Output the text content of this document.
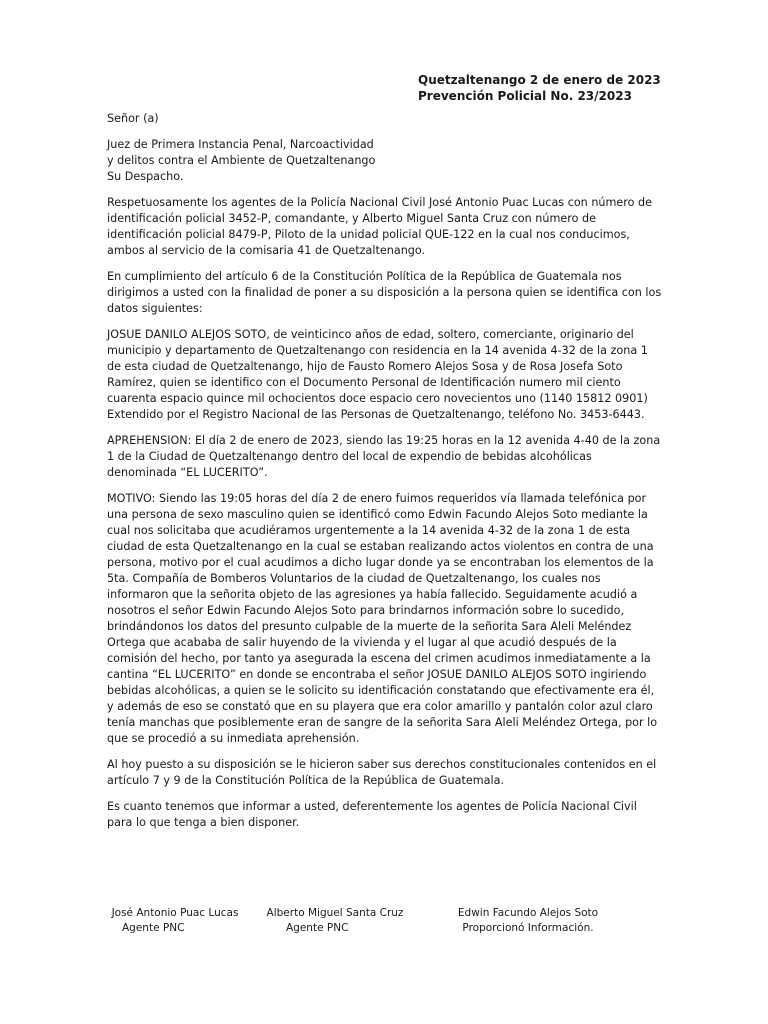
Quetzaltenango 2 de enero de 2023
Prevención Policial No. 23/2023

Señor (a)

Juez de Primera Instancia Penal, Narcoactividad
y delitos contra el Ambiente de Quetzaltenango
Su Despacho.

Respetuosamente los agentes de la Policía Nacional Civil José Antonio Puac Lucas con número de identificación policial 3452-P, comandante, y Alberto Miguel Santa Cruz con número de identificación policial 8479-P, Piloto de la unidad policial QUE-122 en la cual nos conducimos, ambos al servicio de la comisaria 41 de Quetzaltenango.

En cumplimiento del artículo 6 de la Constitución Política de la República de Guatemala nos dirigimos a usted con la finalidad de poner a su disposición a la persona quien se identifica con los datos siguientes:

JOSUE DANILO ALEJOS SOTO, de veinticinco años de edad, soltero, comerciante, originario del municipio y departamento de Quetzaltenango con residencia en la 14 avenida 4-32 de la zona 1 de esta ciudad de Quetzaltenango, hijo de Fausto Romero Alejos Sosa y de Rosa Josefa Soto Ramírez, quien se identifico con el Documento Personal de Identificación numero mil ciento cuarenta espacio quince mil ochocientos doce espacio cero novecientos uno (1140 15812 0901) Extendido por el Registro Nacional de las Personas de Quetzaltenango, teléfono No. 3453-6443.

APREHENSION: El día 2 de enero de 2023, siendo las 19:25 horas en la 12 avenida 4-40 de la zona 1 de la Ciudad de Quetzaltenango dentro del local de expendio de bebidas alcohólicas denominada “EL LUCERITO”.

MOTIVO: Siendo las 19:05 horas del día 2 de enero fuimos requeridos vía llamada telefónica por una persona de sexo masculino quien se identificó como Edwin Facundo Alejos Soto mediante la cual nos solicitaba que acudiéramos urgentemente a la 14 avenida 4-32 de la zona 1 de esta ciudad de esta Quetzaltenango en la cual se estaban realizando actos violentos en contra de una persona, motivo por el cual acudimos a dicho lugar donde ya se encontraban los elementos de la 5ta. Compañía de Bomberos Voluntarios de la ciudad de Quetzaltenango, los cuales nos informaron que la señorita objeto de las agresiones ya había fallecido. Seguidamente acudió a nosotros el señor Edwin Facundo Alejos Soto para brindarnos información sobre lo sucedido, brindándonos los datos del presunto culpable de la muerte de la señorita Sara Aleli Meléndez Ortega que acababa de salir huyendo de la vivienda y el lugar al que acudió después de la comisión del hecho, por tanto ya asegurada la escena del crimen acudimos inmediatamente a la cantina “EL LUCERITO” en donde se encontraba el señor JOSUE DANILO ALEJOS SOTO ingiriendo bebidas alcohólicas, a quien se le solicito su identificación constatando que efectivamente era él, y además de eso se constató que en su playera que era color amarillo y pantalón color azul claro tenía manchas que posiblemente eran de sangre de la señorita Sara Aleli Meléndez Ortega, por lo que se procedió a su inmediata aprehensión.

Al hoy puesto a su disposición se le hicieron saber sus derechos constitucionales contenidos en el artículo 7 y 9 de la Constitución Política de la República de Guatemala.

Es cuanto tenemos que informar a usted, deferentemente los agentes de Policía Nacional Civil para lo que tenga a bien disponer.

José Antonio Puac Lucas
Agente PNC
Alberto Miguel Santa Cruz
Agente PNC
Edwin Facundo Alejos Soto
Proporcionó Información.
